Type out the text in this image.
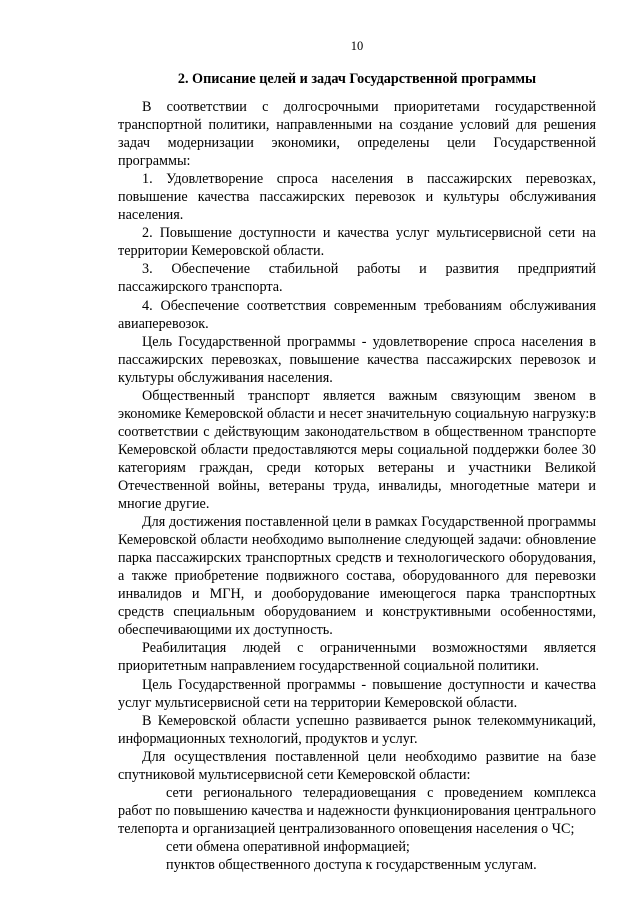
10
2. Описание целей и задач Государственной программы

В соответствии с долгосрочными приоритетами государственной транспортной политики, направленными на создание условий для решения задач модернизации экономики, определены цели Государственной программы:

1. Удовлетворение спроса населения в пассажирских перевозках, повышение качества пассажирских перевозок и культуры обслуживания населения.

2. Повышение доступности и качества услуг мультисервисной сети на территории Кемеровской области.

3. Обеспечение стабильной работы и развития предприятий пассажирского транспорта.

4. Обеспечение соответствия современным требованиям обслуживания авиаперевозок.

Цель Государственной программы - удовлетворение спроса населения в пассажирских перевозках, повышение качества пассажирских перевозок и культуры обслуживания населения.

Общественный транспорт является важным связующим звеном в экономике Кемеровской области и несет значительную социальную нагрузку:в соответствии с действующим законодательством в общественном транспорте Кемеровской области предоставляются меры социальной поддержки более 30 категориям граждан, среди которых ветераны и участники Великой Отечественной войны, ветераны труда, инвалиды, многодетные матери и многие другие.

Для достижения поставленной цели в рамках Государственной программы Кемеровской области необходимо выполнение следующей задачи: обновление парка пассажирских транспортных средств и технологического оборудования, а также приобретение подвижного состава, оборудованного для перевозки инвалидов и МГН, и дооборудование имеющегося парка транспортных средств специальным оборудованием и конструктивными особенностями, обеспечивающими их доступность.

Реабилитация людей с ограниченными возможностями является приоритетным направлением государственной социальной политики.

Цель Государственной программы - повышение доступности и качества услуг мультисервисной сети на территории Кемеровской области.

В Кемеровской области успешно развивается рынок телекоммуникаций, информационных технологий, продуктов и услуг.

Для осуществления поставленной цели необходимо развитие на базе спутниковой мультисервисной сети Кемеровской области:

сети регионального телерадиовещания с проведением комплекса работ по повышению качества и надежности функционирования центрального телепорта и организацией централизованного оповещения населения о ЧС;

сети обмена оперативной информацией;

пунктов общественного доступа к государственным услугам.
